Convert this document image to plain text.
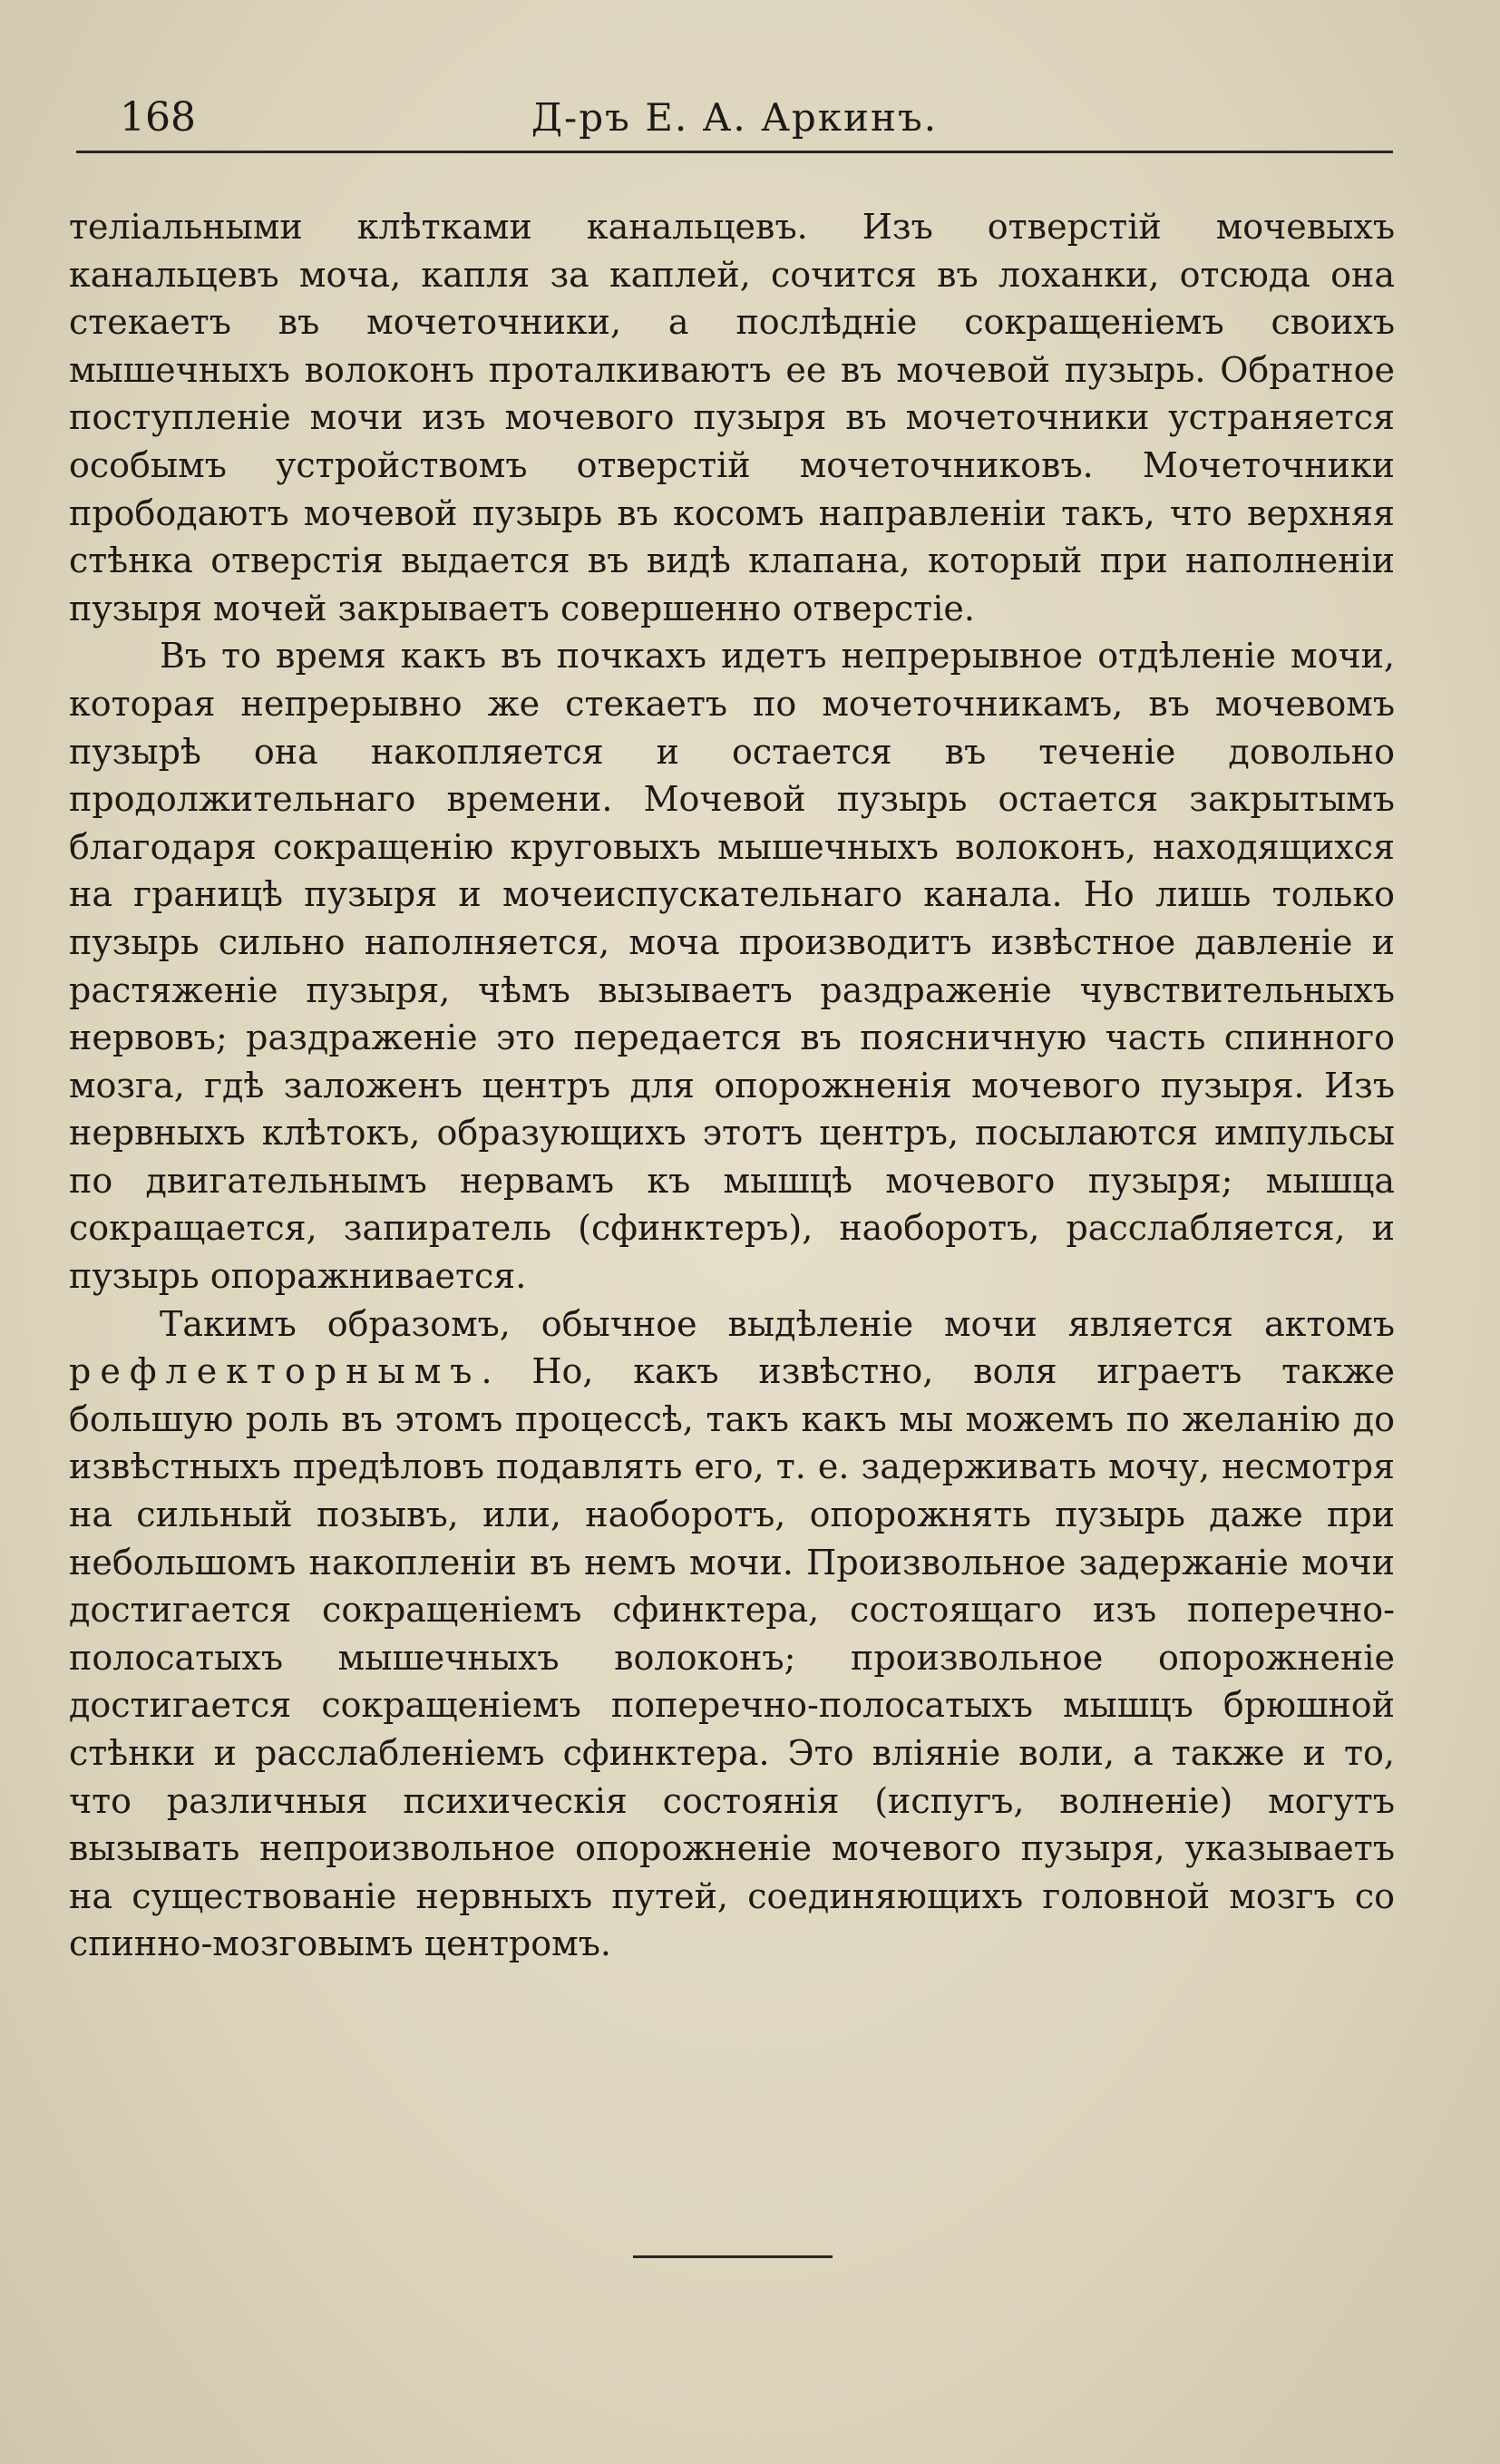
168	Д-ръ Е. А. Аркинъ.

теліальными клѣтками канальцевъ. Изъ отверстій мочевыхъ канальцевъ моча, капля за каплей, сочится въ лоханки, отсюда она стекаетъ въ мочеточники, а послѣдніе сокращеніемъ своихъ мышечныхъ волоконъ проталкиваютъ ее въ мочевой пузырь. Обратное поступленіе мочи изъ мочевого пузыря въ мочеточники устраняется особымъ устройствомъ отверстій мочеточниковъ. Мочеточники прободаютъ мочевой пузырь въ косомъ направленіи такъ, что верхняя стѣнка отверстія выдается въ видѣ клапана, который при наполненіи пузыря мочей закрываетъ совершенно отверстіе.

Въ то время какъ въ почкахъ идетъ непрерывное отдѣленіе мочи, которая непрерывно же стекаетъ по мочеточникамъ, въ мочевомъ пузырѣ она накопляется и остается въ теченіе довольно продолжительнаго времени. Мочевой пузырь остается закрытымъ благодаря сокращенію круговыхъ мышечныхъ волоконъ, находящихся на границѣ пузыря и мочеиспускательнаго канала. Но лишь только пузырь сильно наполняется, моча производитъ извѣстное давленіе и растяженіе пузыря, чѣмъ вызываетъ раздраженіе чувствительныхъ нервовъ; раздраженіе это передается въ поясничную часть спинного мозга, гдѣ заложенъ центръ для опорожненія мочевого пузыря. Изъ нервныхъ клѣтокъ, образующихъ этотъ центръ, посылаются импульсы по двигательнымъ нервамъ къ мышцѣ мочевого пузыря; мышца сокращается, запиратель (сфинктеръ), наоборотъ, расслабляется, и пузырь опоражнивается.

Такимъ образомъ, обычное выдѣленіе мочи является актомъ рефлекторнымъ. Но, какъ извѣстно, воля играетъ также большую роль въ этомъ процессѣ, такъ какъ мы можемъ по желанію до извѣстныхъ предѣловъ подавлять его, т. е. задерживать мочу, несмотря на сильный позывъ, или, наоборотъ, опорожнять пузырь даже при небольшомъ накопленіи въ немъ мочи. Произвольное задержаніе мочи достигается сокращеніемъ сфинктера, состоящаго изъ поперечно-полосатыхъ мышечныхъ волоконъ; произвольное опорожненіе достигается сокращеніемъ поперечно-полосатыхъ мышцъ брюшной стѣнки и расслабленіемъ сфинктера. Это вліяніе воли, а также и то, что различныя психическія состоянія (испугъ, волненіе) могутъ вызывать непроизвольное опорожненіе мочевого пузыря, указываетъ на существованіе нервныхъ путей, соединяющихъ головной мозгъ со спинно-мозговымъ центромъ.
